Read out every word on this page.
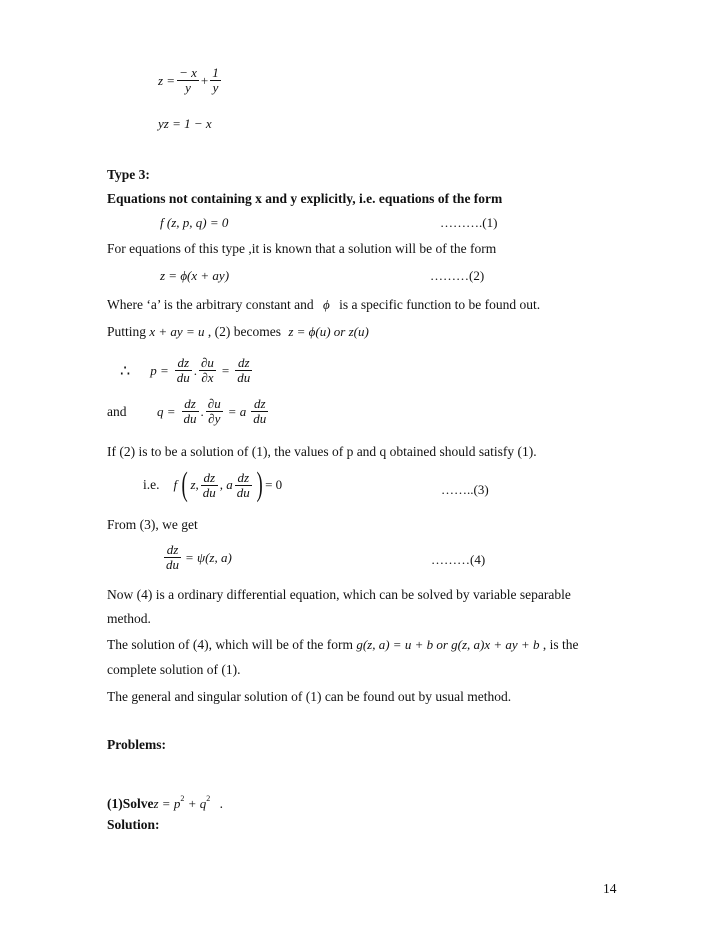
$z = \frac{- x}{y} + \frac{1}{y}$
yz = 1 − x
Type 3:
Equations not containing x and y explicitly, i.e. equations of the form
f (z, p, q) = 0	……….(1)
For equations of this type ,it is known that a solution will be of the form
z = ϕ(x + ay)	………(2)
Where ‘a’ is the arbitrary constant and ϕ is a specific function to be found out.
Putting x + ay = u , (2) becomes z = ϕ(u) or z(u)
∴ $p = \frac{dz}{du}$ . $\frac{\partial u}{\partial x} = \frac{dz}{du}$
and $q = \frac{dz}{du}$ . $\frac{\partial u}{\partial y} = a \frac{dz}{du}$
If (2) is to be a solution of (1), the values of p and q obtained should satisfy (1).
i.e. f ( z, $\frac{dz}{du}$ , a $\frac{dz}{du}$ ) = 0	……..(3)
From (3), we get
$\frac{dz}{du} = \psi(z$, a)	………(4)
Now (4) is a ordinary differential equation, which can be solved by variable separable
method.
The solution of (4), which will be of the form g(z, a) = u + b or g(z, a)x + ay + b , is the
complete solution of (1).
The general and singular solution of (1) can be found out by usual method.
Problems:
(1)Solvez = $p^2 + q^2$ .
Solution:
14
